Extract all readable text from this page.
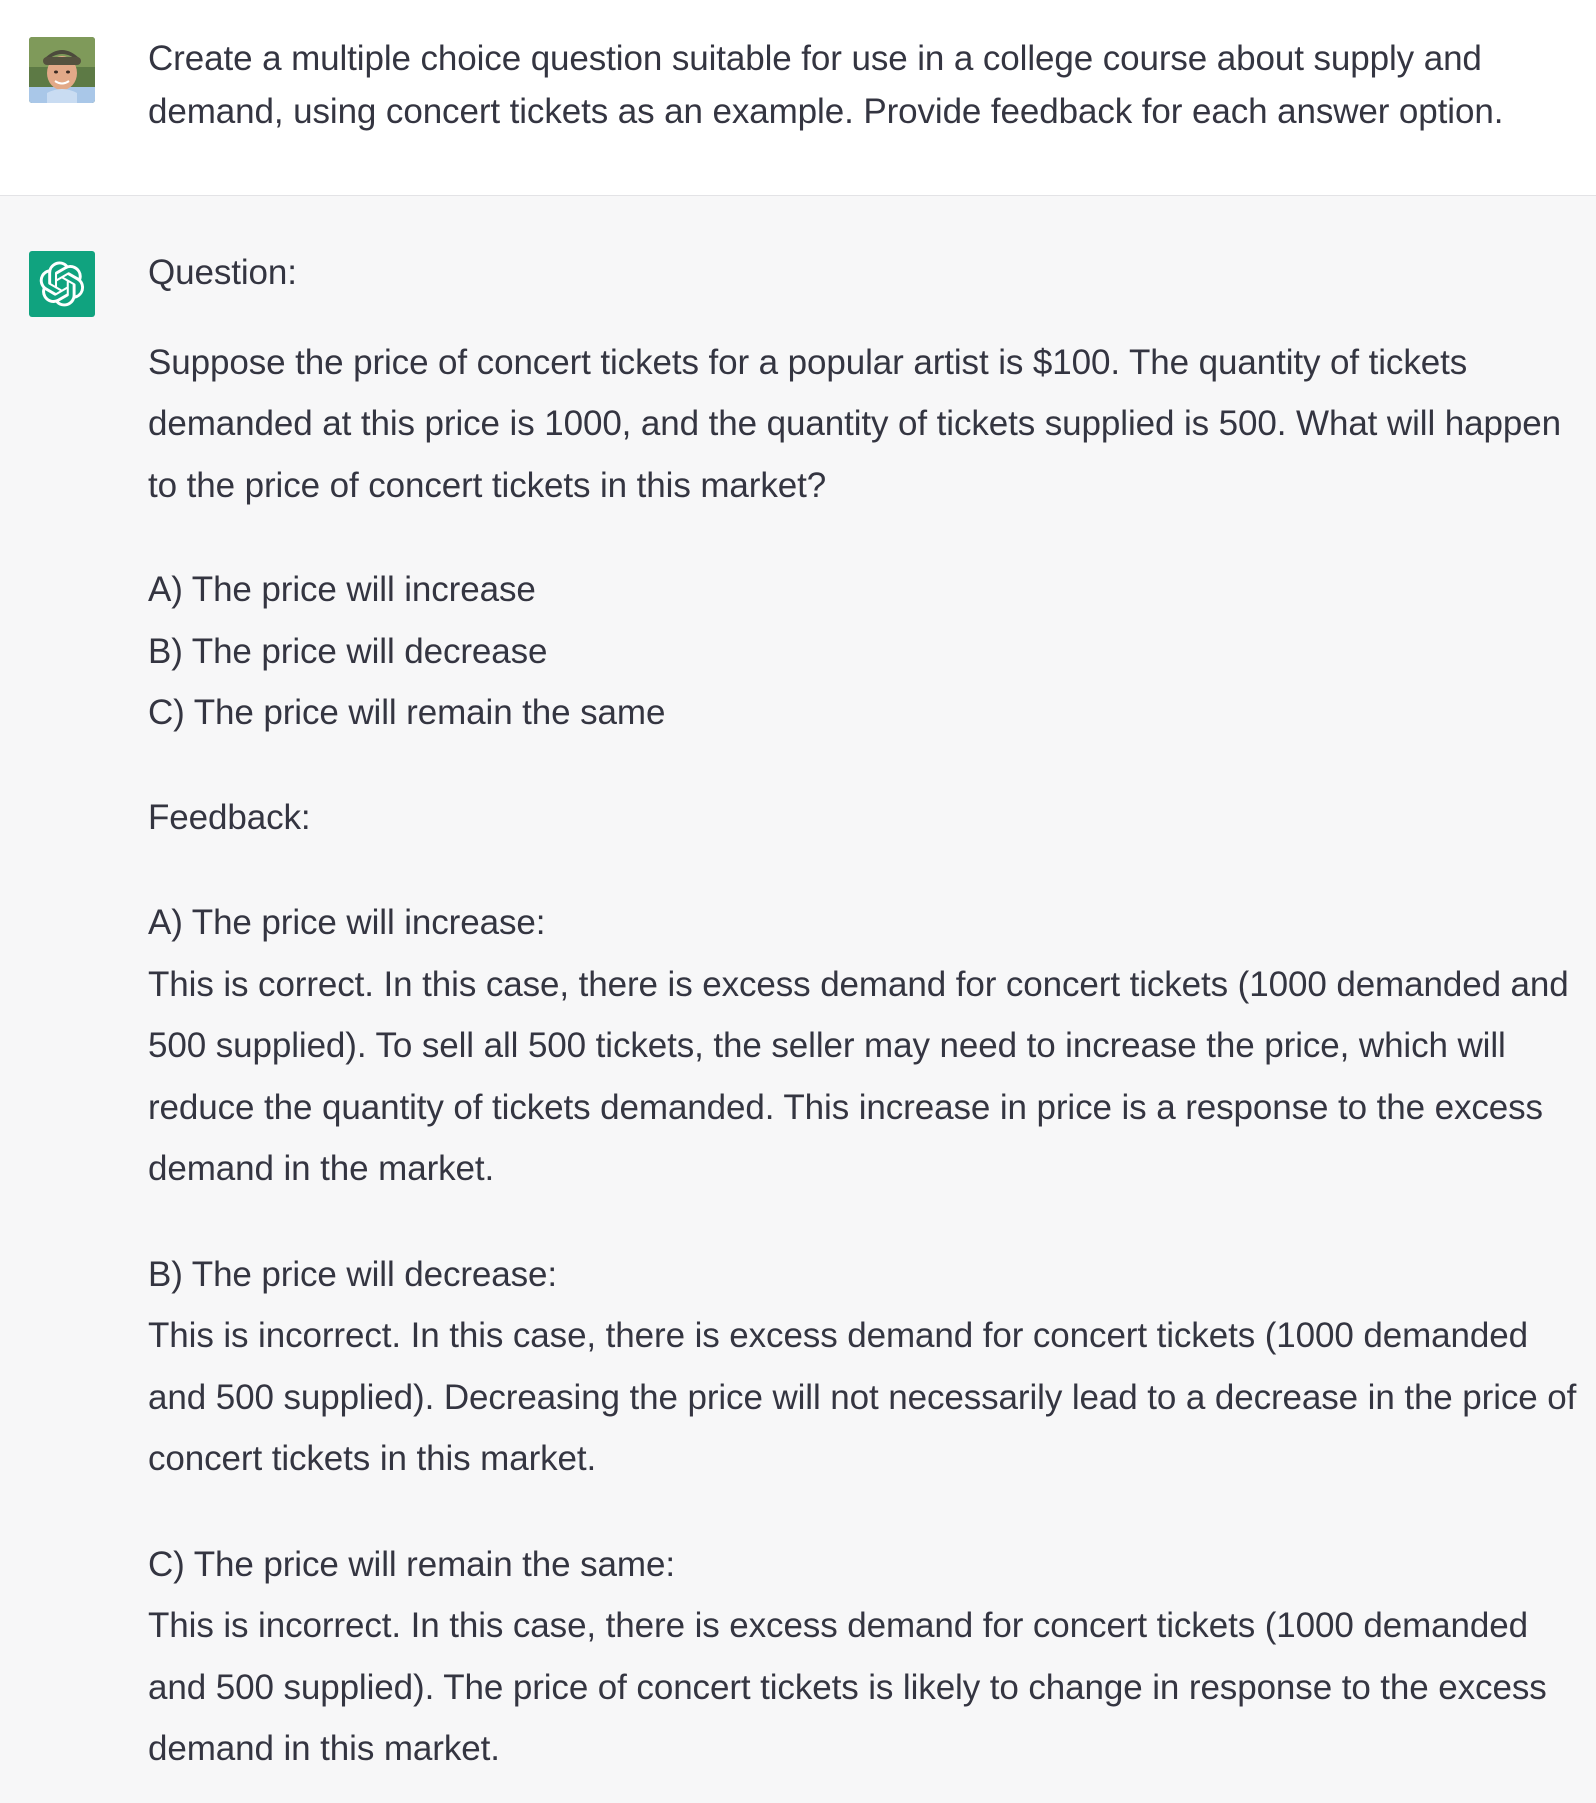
Create a multiple choice question suitable for use in a college course about supply and demand, using concert tickets as an example. Provide feedback for each answer option.

Question:

Suppose the price of concert tickets for a popular artist is $100. The quantity of tickets demanded at this price is 1000, and the quantity of tickets supplied is 500. What will happen to the price of concert tickets in this market?

A) The price will increase

B) The price will decrease

C) The price will remain the same

Feedback:

A) The price will increase:

This is correct. In this case, there is excess demand for concert tickets (1000 demanded and 500 supplied). To sell all 500 tickets, the seller may need to increase the price, which will reduce the quantity of tickets demanded. This increase in price is a response to the excess demand in the market.

B) The price will decrease:

This is incorrect. In this case, there is excess demand for concert tickets (1000 demanded and 500 supplied). Decreasing the price will not necessarily lead to a decrease in the price of concert tickets in this market.

C) The price will remain the same:

This is incorrect. In this case, there is excess demand for concert tickets (1000 demanded and 500 supplied). The price of concert tickets is likely to change in response to the excess demand in this market.
